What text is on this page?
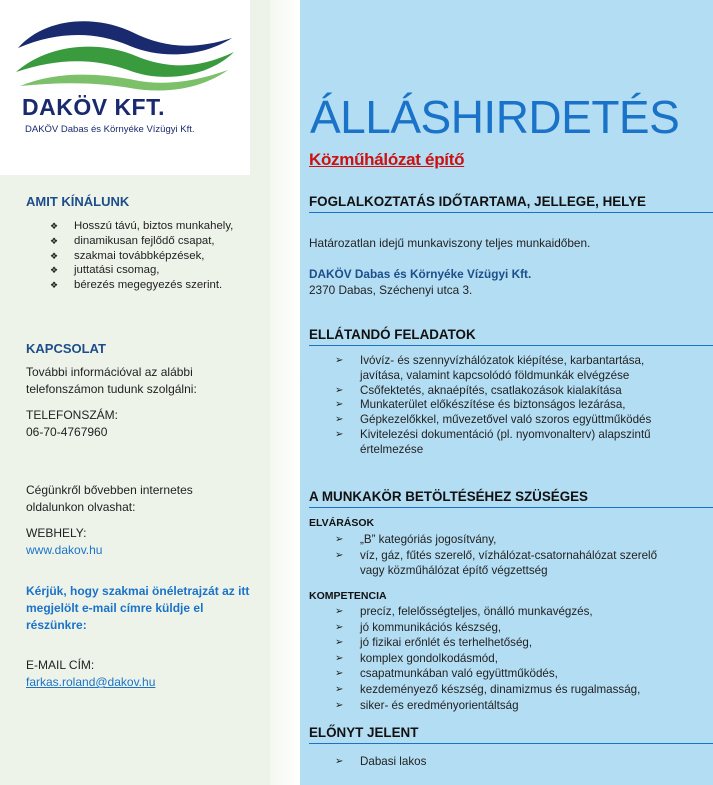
DAKÖV KFT.
DAKÖV Dabas és Környéke Vízügyi Kft.
AMIT KÍNÁLUNK
❖ Hosszú távú, biztos munkahely,
❖ dinamikusan fejlődő csapat,
❖ szakmai továbbképzések,
❖ juttatási csomag,
❖ bérezés megegyezés szerint.
KAPCSOLAT
További információval az alábbi
telefonszámon tudunk szolgálni:
TELEFONSZÁM:
06-70-4767960
Cégünkről bővebben internetes
oldalunkon olvashat:
WEBHELY:
www.dakov.hu
Kérjük, hogy szakmai önéletrajzát az itt
megjelölt e-mail címre küldje el
részünkre:
E-MAIL CÍM:
farkas.roland@dakov.hu
ÁLLÁSHIRDETÉS
Közműhálózat építő
FOGLALKOZTATÁS IDŐTARTAMA, JELLEGE, HELYE
Határozatlan idejű munkaviszony teljes munkaidőben.
DAKÖV Dabas és Környéke Vízügyi Kft.
2370 Dabas, Széchenyi utca 3.
ELLÁTANDÓ FELADATOK
➢ Ivóvíz- és szennyvízhálózatok kiépítése, karbantartása,
javítása, valamint kapcsolódó földmunkák elvégzése
➢ Csőfektetés, aknaépítés, csatlakozások kialakítása
➢ Munkaterület előkészítése és biztonságos lezárása,
➢ Gépkezelőkkel, művezetővel való szoros együttműködés
➢ Kivitelezési dokumentáció (pl. nyomvonalterv) alapszintű
értelmezése
A MUNKAKÖR BETÖLTÉSÉHEZ SZÜSÉGES
ELVÁRÁSOK
➢ „B” kategóriás jogosítvány,
➢ víz, gáz, fűtés szerelő, vízhálózat-csatornahálózat szerelő
vagy közműhálózat építő végzettség
KOMPETENCIA
➢ precíz, felelősségteljes, önálló munkavégzés,
➢ jó kommunikációs készség,
➢ jó fizikai erőnlét és terhelhetőség,
➢ komplex gondolkodásmód,
➢ csapatmunkában való együttműködés,
➢ kezdeményező készség, dinamizmus és rugalmasság,
➢ siker- és eredményorientáltság
ELŐNYT JELENT
➢ Dabasi lakos
